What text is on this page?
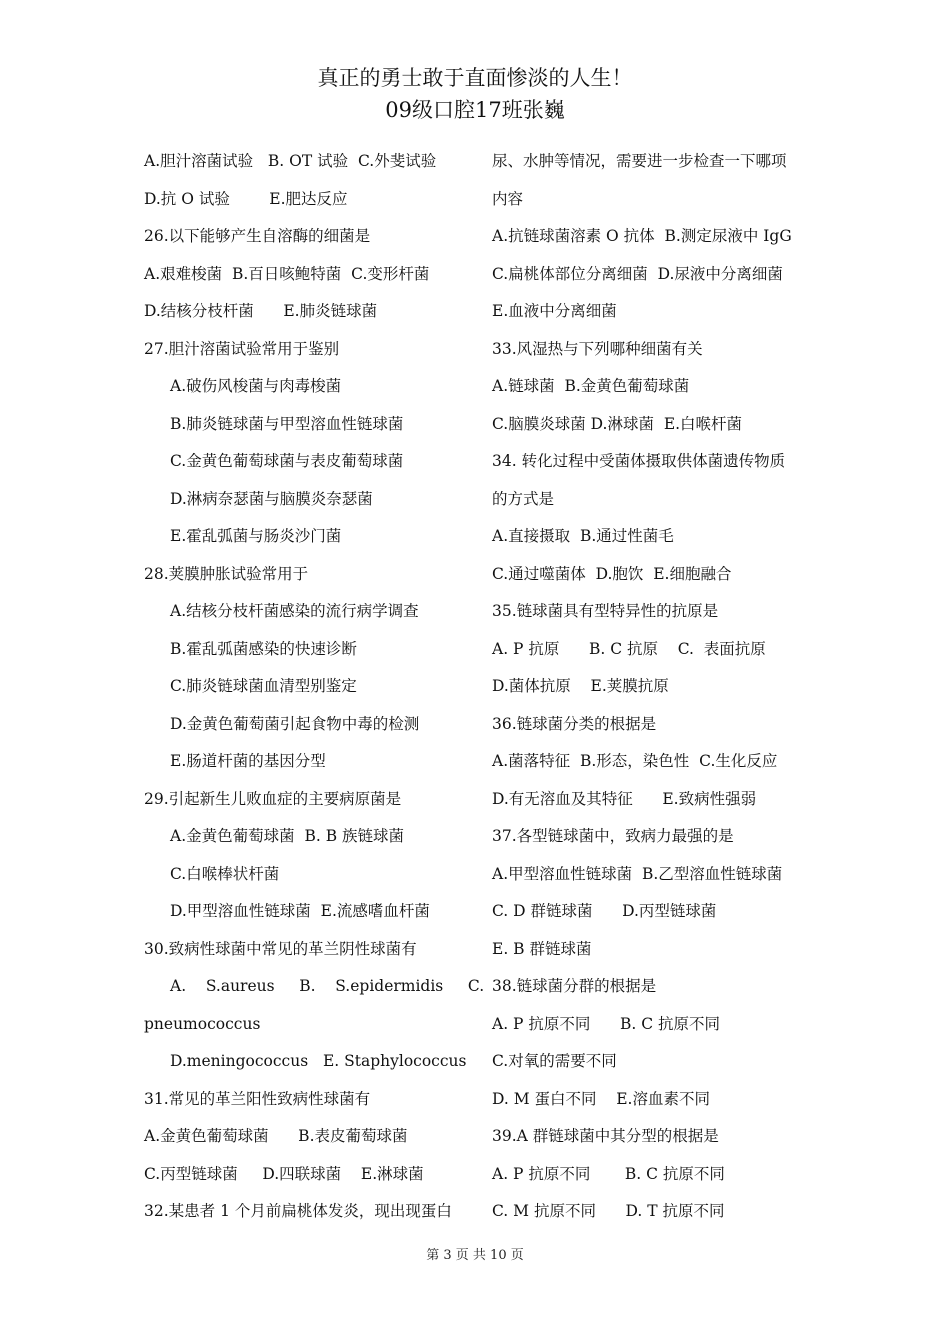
真正的勇士敢于直面惨淡的人生！
09级口腔17班张巍
A.胆汁溶菌试验   B. OT 试验  C.外斐试验
D.抗 O 试验        E.肥达反应
26.以下能够产生自溶酶的细菌是
A.艰难梭菌  B.百日咳鲍特菌  C.变形杆菌
D.结核分枝杆菌      E.肺炎链球菌
27.胆汁溶菌试验常用于鉴别
A.破伤风梭菌与肉毒梭菌
B.肺炎链球菌与甲型溶血性链球菌
C.金黄色葡萄球菌与表皮葡萄球菌
D.淋病奈瑟菌与脑膜炎奈瑟菌
E.霍乱弧菌与肠炎沙门菌
28.荚膜肿胀试验常用于
A.结核分枝杆菌感染的流行病学调查
B.霍乱弧菌感染的快速诊断
C.肺炎链球菌血清型别鉴定
D.金黄色葡萄菌引起食物中毒的检测
E.肠道杆菌的基因分型
29.引起新生儿败血症的主要病原菌是
A.金黄色葡萄球菌  B. B 族链球菌
C.白喉棒状杆菌
D.甲型溶血性链球菌  E.流感嗜血杆菌
30.致病性球菌中常见的革兰阴性球菌有
A.    S.aureus     B.    S.epidermidis     C.
pneumococcus
D.meningococcus   E. Staphylococcus
31.常见的革兰阳性致病性球菌有
A.金黄色葡萄球菌      B.表皮葡萄球菌
C.丙型链球菌     D.四联球菌    E.淋球菌
32.某患者 1 个月前扁桃体发炎，现出现蛋白
尿、水肿等情况，需要进一步检查一下哪项
内容
A.抗链球菌溶素 O 抗体  B.测定尿液中 IgG
C.扁桃体部位分离细菌  D.尿液中分离细菌
E.血液中分离细菌
33.风湿热与下列哪种细菌有关
A.链球菌  B.金黄色葡萄球菌
C.脑膜炎球菌 D.淋球菌  E.白喉杆菌
34. 转化过程中受菌体摄取供体菌遗传物质
的方式是
A.直接摄取  B.通过性菌毛
C.通过噬菌体  D.胞饮  E.细胞融合
35.链球菌具有型特异性的抗原是
A. P 抗原      B. C 抗原    C.  表面抗原
D.菌体抗原    E.荚膜抗原
36.链球菌分类的根据是
A.菌落特征  B.形态，染色性  C.生化反应
D.有无溶血及其特征      E.致病性强弱
37.各型链球菌中，致病力最强的是
A.甲型溶血性链球菌  B.乙型溶血性链球菌
C. D 群链球菌      D.丙型链球菌
E. B 群链球菌
38.链球菌分群的根据是
A. P 抗原不同      B. C 抗原不同
C.对氧的需要不同
D. M 蛋白不同    E.溶血素不同
39.A 群链球菌中其分型的根据是
A. P 抗原不同       B. C 抗原不同
C. M 抗原不同      D. T 抗原不同
第 3 页 共 10 页
